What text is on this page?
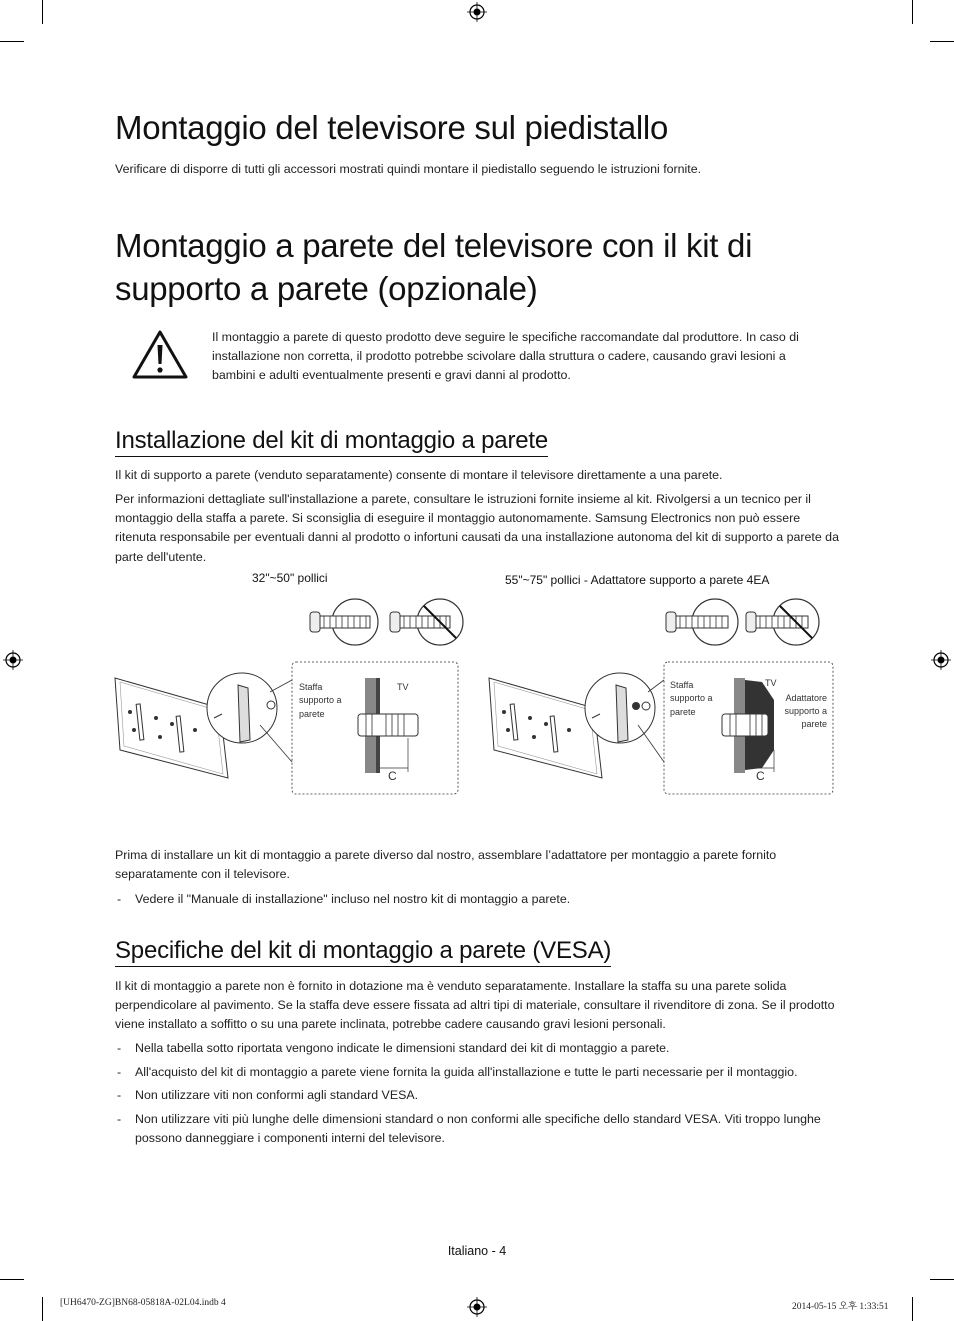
Montaggio del televisore sul piedistallo
Verificare di disporre di tutti gli accessori mostrati quindi montare il piedistallo seguendo le istruzioni fornite.
Montaggio a parete del televisore con il kit di
supporto a parete (opzionale)
Il montaggio a parete di questo prodotto deve seguire le specifiche raccomandate dal produttore. In caso di installazione non corretta, il prodotto potrebbe scivolare dalla struttura o cadere, causando gravi lesioni a bambini e adulti eventualmente presenti e gravi danni al prodotto.
Installazione del kit di montaggio a parete
Il kit di supporto a parete (venduto separatamente) consente di montare il televisore direttamente a una parete.
Per informazioni dettagliate sull'installazione a parete, consultare le istruzioni fornite insieme al kit. Rivolgersi a un tecnico per il montaggio della staffa a parete. Si sconsiglia di eseguire il montaggio autonomamente. Samsung Electronics non può essere ritenuta responsabile per eventuali danni al prodotto o infortuni causati da una installazione autonoma del kit di supporto a parete da parte dell'utente.
32"~50" pollici	55"~75" pollici - Adattatore supporto a parete 4EA
Staffa
supporto a
parete
TV
C
Staffa
supporto a
parete
TV
Adattatore
supporto a
parete
C
Prima di installare un kit di montaggio a parete diverso dal nostro, assemblare l’adattatore per montaggio a parete fornito separatamente con il televisore.
- Vedere il "Manuale di installazione" incluso nel nostro kit di montaggio a parete.
Specifiche del kit di montaggio a parete (VESA)
Il kit di montaggio a parete non è fornito in dotazione ma è venduto separatamente. Installare la staffa su una parete solida perpendicolare al pavimento. Se la staffa deve essere fissata ad altri tipi di materiale, consultare il rivenditore di zona. Se il prodotto viene installato a soffitto o su una parete inclinata, potrebbe cadere causando gravi lesioni personali.
- Nella tabella sotto riportata vengono indicate le dimensioni standard dei kit di montaggio a parete.
- All'acquisto del kit di montaggio a parete viene fornita la guida all'installazione e tutte le parti necessarie per il montaggio.
- Non utilizzare viti non conformi agli standard VESA.
- Non utilizzare viti più lunghe delle dimensioni standard o non conformi alle specifiche dello standard VESA. Viti troppo lunghe possono danneggiare i componenti interni del televisore.
Italiano - 4
[UH6470-ZG]BN68-05818A-02L04.indb 4	2014-05-15 오후 1:33:51
